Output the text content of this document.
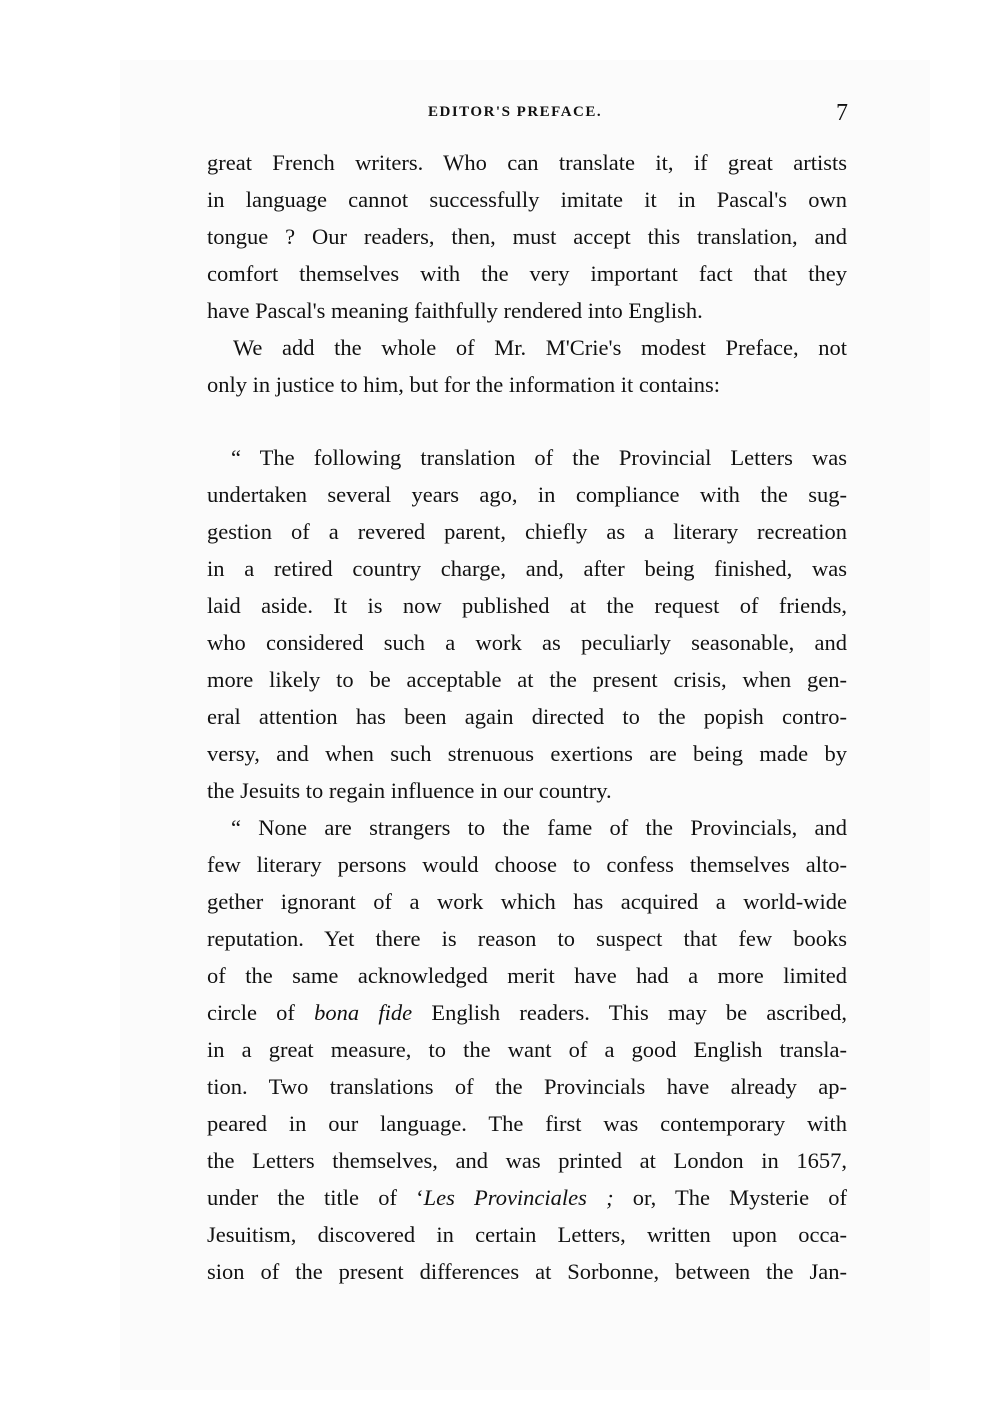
EDITOR'S PREFACE.	7
great French writers. Who can translate it, if great artists
in language cannot successfully imitate it in Pascal's own
tongue ? Our readers, then, must accept this translation, and
comfort themselves with the very important fact that they
have Pascal's meaning faithfully rendered into English.
We add the whole of Mr. M'Crie's modest Preface, not
only in justice to him, but for the information it contains:
“ The following translation of the Provincial Letters was
undertaken several years ago, in compliance with the sug-
gestion of a revered parent, chiefly as a literary recreation
in a retired country charge, and, after being finished, was
laid aside. It is now published at the request of friends,
who considered such a work as peculiarly seasonable, and
more likely to be acceptable at the present crisis, when gen-
eral attention has been again directed to the popish contro-
versy, and when such strenuous exertions are being made by
the Jesuits to regain influence in our country.
“ None are strangers to the fame of the Provincials, and
few literary persons would choose to confess themselves alto-
gether ignorant of a work which has acquired a world-wide
reputation. Yet there is reason to suspect that few books
of the same acknowledged merit have had a more limited
circle of bona fide English readers. This may be ascribed,
in a great measure, to the want of a good English transla-
tion. Two translations of the Provincials have already ap-
peared in our language. The first was contemporary with
the Letters themselves, and was printed at London in 1657,
under the title of ‘Les Provinciales ; or, The Mysterie of
Jesuitism, discovered in certain Letters, written upon occa-
sion of the present differences at Sorbonne, between the Jan-
